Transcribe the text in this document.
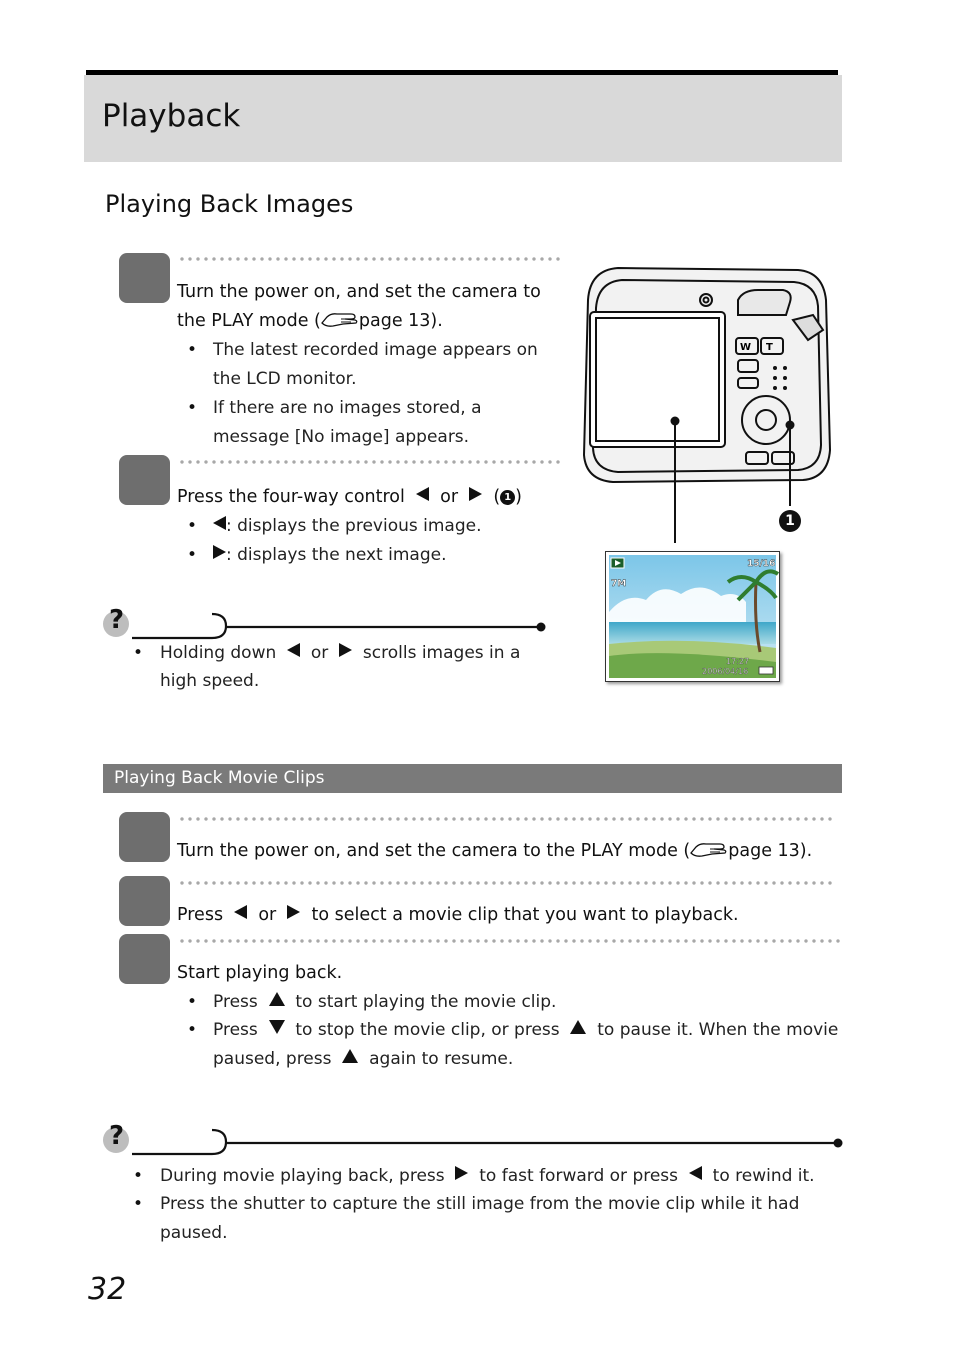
Playback
Playing Back Images
Turn the power on, and set the camera to
the PLAY mode ( page 13).
• The latest recorded image appears on
the LCD monitor.
• If there are no images stored, a
message [No image] appears.
Press the four-way control or ( 1 )
•	: displays the previous image.
•	: displays the next image.
?
• Holding down or scrolls images in a
high speed.
W T
1
15/16
7M
17:27
2006/04/16
Playing Back Movie Clips
Turn the power on, and set the camera to the PLAY mode ( page 13).
Press or to select a movie clip that you want to playback.
Start playing back.
• Press to start playing the movie clip.
• Press to stop the movie clip, or press to pause it. When the movie
paused, press again to resume.
?
• During movie playing back, press to fast forward or press to rewind it.
• Press the shutter to capture the still image from the movie clip while it had
paused.
32
